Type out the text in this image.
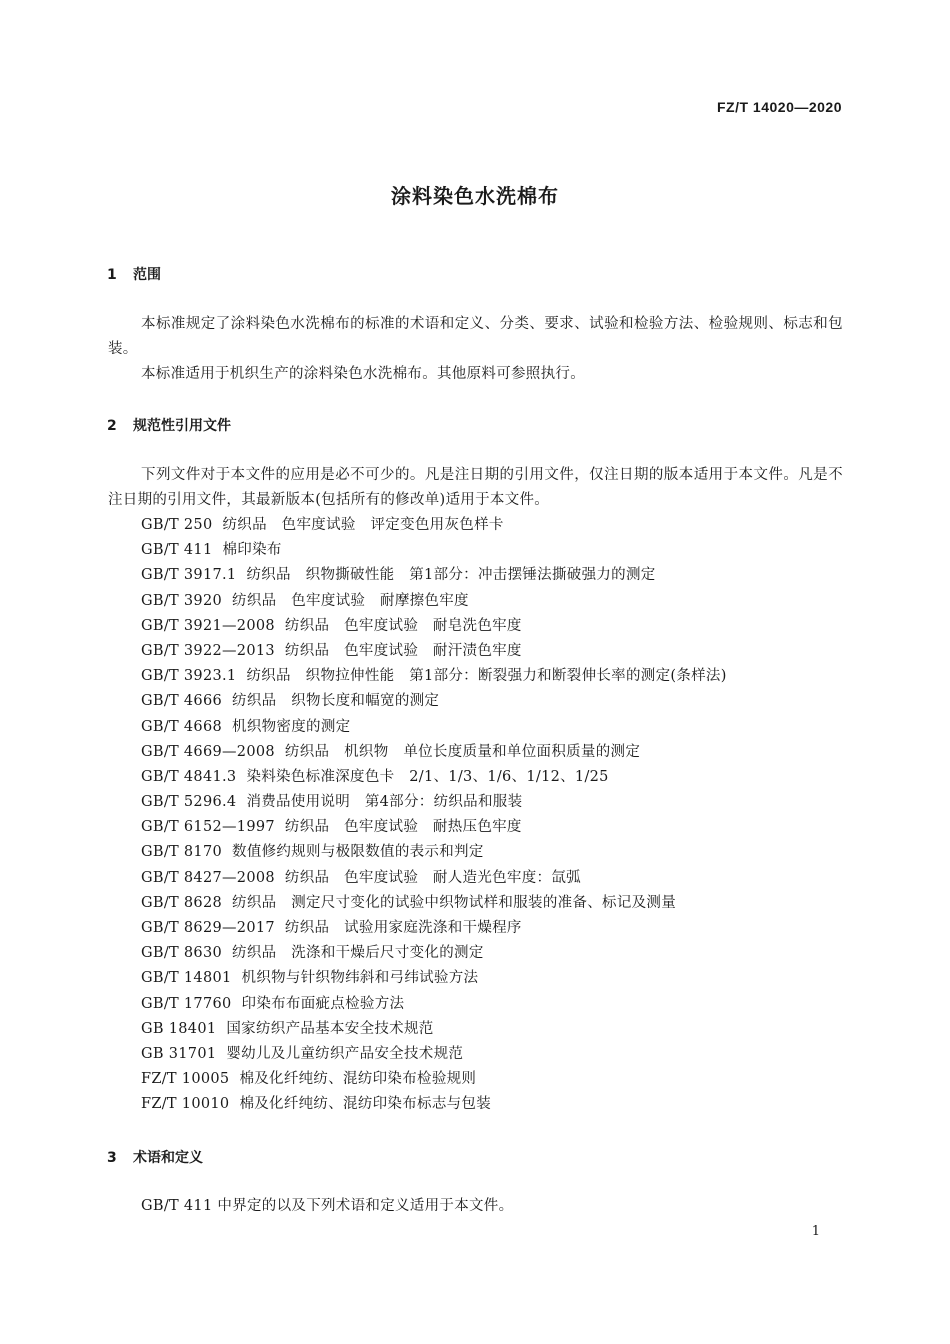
FZ/T 14020—2020
涂料染色水洗棉布
1 范围
本标准规定了涂料染色水洗棉布的标准的术语和定义、分类、要求、试验和检验方法、检验规则、标志和包装。
本标准适用于机织生产的涂料染色水洗棉布。其他原料可参照执行。
2 规范性引用文件
下列文件对于本文件的应用是必不可少的。凡是注日期的引用文件，仅注日期的版本适用于本文件。凡是不注日期的引用文件，其最新版本(包括所有的修改单)适用于本文件。
GB/T 250 纺织品　色牢度试验　评定变色用灰色样卡
GB/T 411 棉印染布
GB/T 3917.1 纺织品　织物撕破性能　第1部分：冲击摆锤法撕破强力的测定
GB/T 3920 纺织品　色牢度试验　耐摩擦色牢度
GB/T 3921—2008 纺织品　色牢度试验　耐皂洗色牢度
GB/T 3922—2013 纺织品　色牢度试验　耐汗渍色牢度
GB/T 3923.1 纺织品　织物拉伸性能　第1部分：断裂强力和断裂伸长率的测定(条样法)
GB/T 4666 纺织品　织物长度和幅宽的测定
GB/T 4668 机织物密度的测定
GB/T 4669—2008 纺织品　机织物　单位长度质量和单位面积质量的测定
GB/T 4841.3 染料染色标准深度色卡　2/1、1/3、1/6、1/12、1/25
GB/T 5296.4 消费品使用说明　第4部分：纺织品和服装
GB/T 6152—1997 纺织品　色牢度试验　耐热压色牢度
GB/T 8170 数值修约规则与极限数值的表示和判定
GB/T 8427—2008 纺织品　色牢度试验　耐人造光色牢度：氙弧
GB/T 8628 纺织品　测定尺寸变化的试验中织物试样和服装的准备、标记及测量
GB/T 8629—2017 纺织品　试验用家庭洗涤和干燥程序
GB/T 8630 纺织品　洗涤和干燥后尺寸变化的测定
GB/T 14801 机织物与针织物纬斜和弓纬试验方法
GB/T 17760 印染布布面疵点检验方法
GB 18401 国家纺织产品基本安全技术规范
GB 31701 婴幼儿及儿童纺织产品安全技术规范
FZ/T 10005 棉及化纤纯纺、混纺印染布检验规则
FZ/T 10010 棉及化纤纯纺、混纺印染布标志与包装
3 术语和定义
GB/T 411 中界定的以及下列术语和定义适用于本文件。
1
